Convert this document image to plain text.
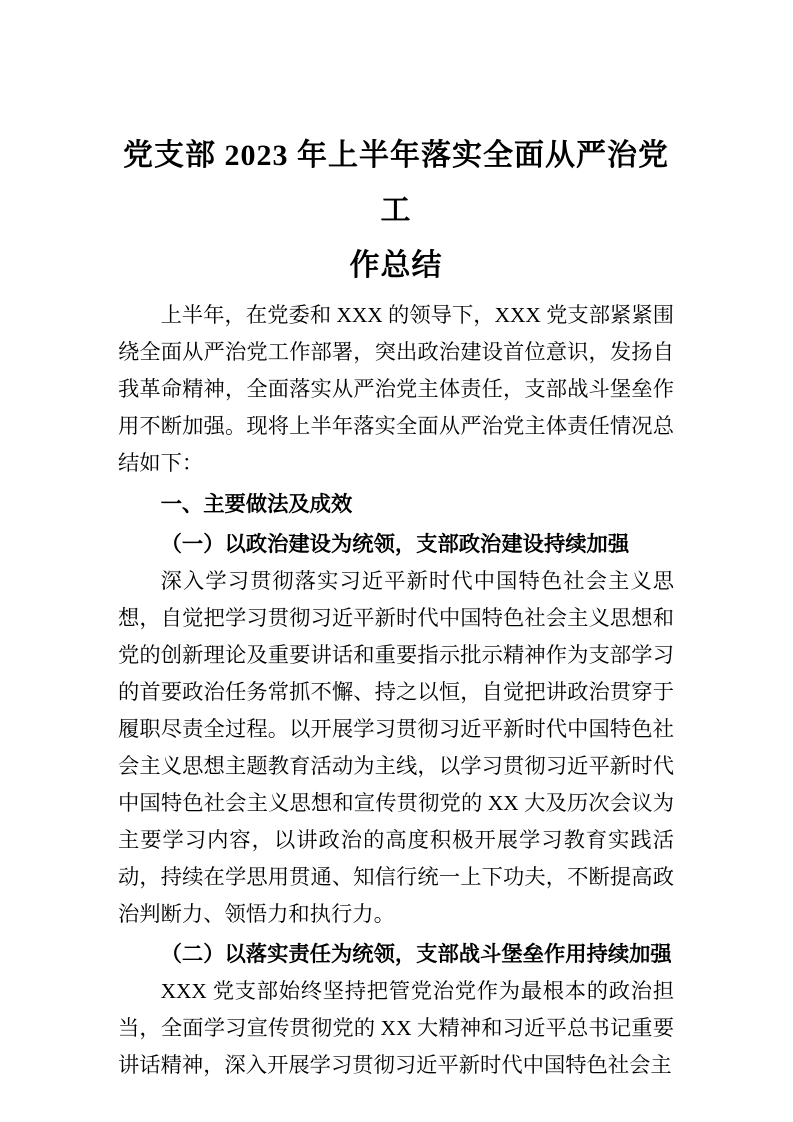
党支部 2023 年上半年落实全面从严治党工
作总结

上半年，在党委和 XXX 的领导下，XXX 党支部紧紧围绕全面从严治党工作部署，突出政治建设首位意识，发扬自我革命精神，全面落实从严治党主体责任，支部战斗堡垒作用不断加强。现将上半年落实全面从严治党主体责任情况总结如下：

一、主要做法及成效
（一）以政治建设为统领，支部政治建设持续加强

深入学习贯彻落实习近平新时代中国特色社会主义思想，自觉把学习贯彻习近平新时代中国特色社会主义思想和党的创新理论及重要讲话和重要指示批示精神作为支部学习的首要政治任务常抓不懈、持之以恒，自觉把讲政治贯穿于履职尽责全过程。以开展学习贯彻习近平新时代中国特色社会主义思想主题教育活动为主线，以学习贯彻习近平新时代中国特色社会主义思想和宣传贯彻党的 XX 大及历次会议为主要学习内容，以讲政治的高度积极开展学习教育实践活动，持续在学思用贯通、知信行统一上下功夫，不断提高政治判断力、领悟力和执行力。

（二）以落实责任为统领，支部战斗堡垒作用持续加强

XXX 党支部始终坚持把管党治党作为最根本的政治担当，全面学习宣传贯彻党的 XX 大精神和习近平总书记重要讲话精神，深入开展学习贯彻习近平新时代中国特色社会主
